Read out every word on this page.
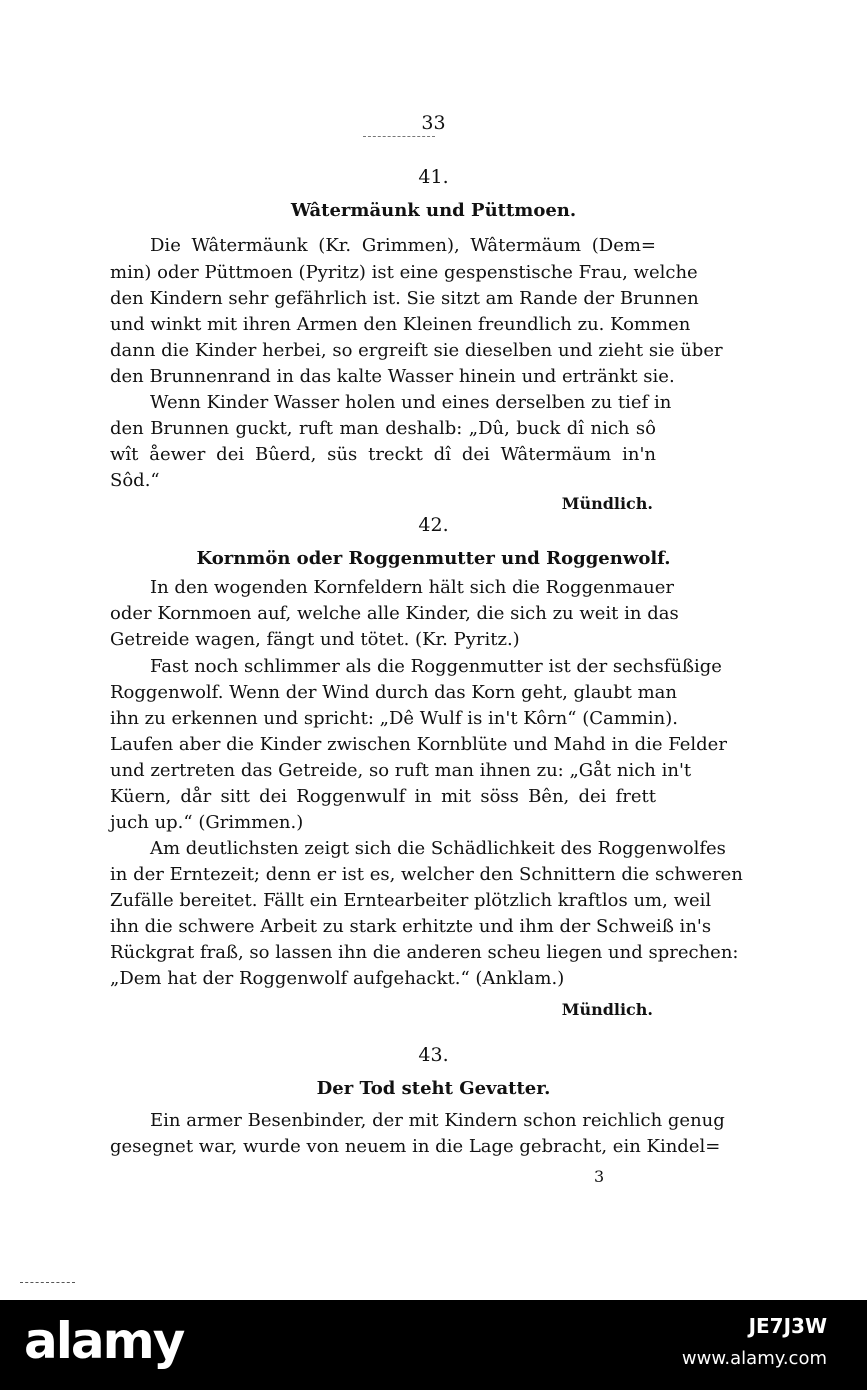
33
41.
Wâtermäunk und Püttmoen.
Die Wâtermäunk (Kr. Grimmen), Wâtermäum (Dem=
min) oder Püttmoen (Pyritz) ist eine gespenstische Frau, welche
den Kindern sehr gefährlich ist. Sie sitzt am Rande der Brunnen
und winkt mit ihren Armen den Kleinen freundlich zu. Kommen
dann die Kinder herbei, so ergreift sie dieselben und zieht sie über
den Brunnenrand in das kalte Wasser hinein und ertränkt sie.
Wenn Kinder Wasser holen und eines derselben zu tief in
den Brunnen guckt, ruft man deshalb: „Dû, buck dî nich sô
wît åewer dei Bûerd, süs treckt dî dei Wâtermäum in'n
Sôd.“
Mündlich.
42.
Kornmön oder Roggenmutter und Roggenwolf.
In den wogenden Kornfeldern hält sich die Roggenmauer
oder Kornmoen auf, welche alle Kinder, die sich zu weit in das
Getreide wagen, fängt und tötet. (Kr. Pyritz.)
Fast noch schlimmer als die Roggenmutter ist der sechsfüßige
Roggenwolf. Wenn der Wind durch das Korn geht, glaubt man
ihn zu erkennen und spricht: „Dê Wulf is in't Kôrn“ (Cammin).
Laufen aber die Kinder zwischen Kornblüte und Mahd in die Felder
und zertreten das Getreide, so ruft man ihnen zu: „Gåt nich in't
Küern, dår sitt dei Roggenwulf in mit söss Bên, dei frett
juch up.“ (Grimmen.)
Am deutlichsten zeigt sich die Schädlichkeit des Roggenwolfes
in der Erntezeit; denn er ist es, welcher den Schnittern die schweren
Zufälle bereitet. Fällt ein Erntearbeiter plötzlich kraftlos um, weil
ihn die schwere Arbeit zu stark erhitzte und ihm der Schweiß in's
Rückgrat fraß, so lassen ihn die anderen scheu liegen und sprechen:
„Dem hat der Roggenwolf aufgehackt.“ (Anklam.)
Mündlich.
43.
Der Tod steht Gevatter.
Ein armer Besenbinder, der mit Kindern schon reichlich genug
gesegnet war, wurde von neuem in die Lage gebracht, ein Kindel=
3
alamy	JE7J3W
www.alamy.com
